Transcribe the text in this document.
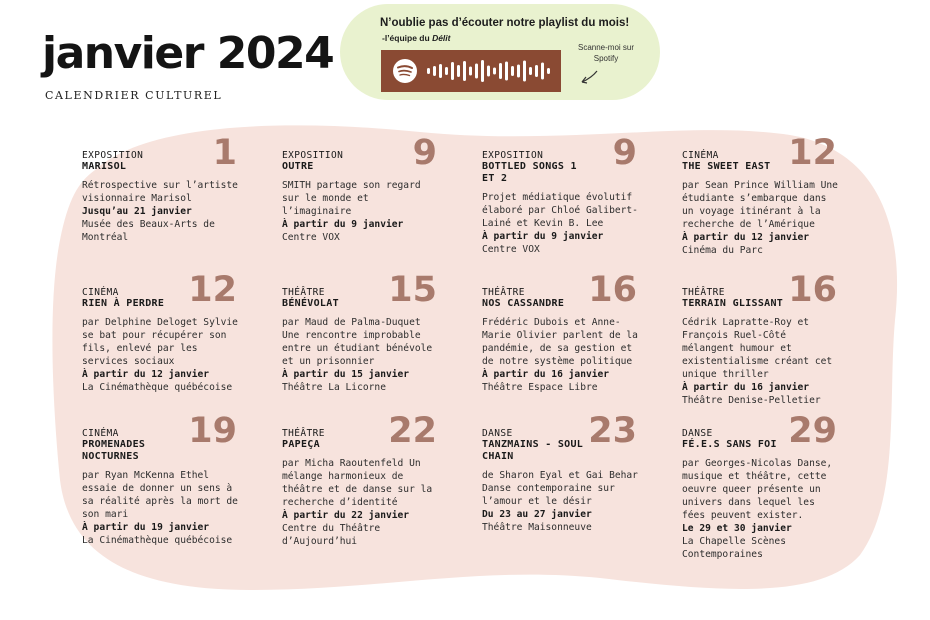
janvier 2024
CALENDRIER CULTUREL
N’oublie pas d’écouter notre playlist du mois!
-l’équipe du Délit
Scanne-moi sur Spotify
1
EXPOSITION
MARISOL
Rétrospective sur l’artiste visionnaire Marisol
Jusqu’au 21 janvier
Musée des Beaux-Arts de Montréal
9
EXPOSITION
OUTRE
SMITH partage son regard sur le monde et l’imaginaire
À partir du 9 janvier
Centre VOX
9
EXPOSITION
BOTTLED SONGS 1 ET 2
Projet médiatique évolutif élaboré par Chloé Galibert-Lainé et Kevin B. Lee
À partir du 9 janvier
Centre VOX
12
CINÉMA
THE SWEET EAST
par Sean Prince William Une étudiante s’embarque dans un voyage itinérant à la recherche de l’Amérique
À partir du 12 janvier
Cinéma du Parc
12
CINÉMA
RIEN À PERDRE
par Delphine Deloget Sylvie se bat pour récupérer son fils, enlevé par les services sociaux
À partir du 12 janvier
La Cinémathèque québécoise
15
THÉÂTRE
BÉNÉVOLAT
par Maud de Palma-Duquet Une rencontre improbable entre un étudiant bénévole et un prisonnier
À partir du 15 janvier
Théâtre La Licorne
16
THÉÂTRE
NOS CASSANDRE
Frédéric Dubois et Anne-Marie Olivier parlent de la pandémie, de sa gestion et de notre système politique
À partir du 16 janvier
Théâtre Espace Libre
16
THÉÂTRE
TERRAIN GLISSANT
Cédrik Lapratte-Roy et François Ruel-Côté mélangent humour et existentialisme créant cet unique thriller
À partir du 16 janvier
Théâtre Denise-Pelletier
19
CINÉMA
PROMENADES NOCTURNES
par Ryan McKenna Ethel essaie de donner un sens à sa réalité après la mort de son mari
À partir du 19 janvier
La Cinémathèque québécoise
22
THÉÂTRE
PAPEÇA
par Micha Raoutenfeld Un mélange harmonieux de théâtre et de danse sur la recherche d’identité
À partir du 22 janvier
Centre du Théâtre d’Aujourd’hui
23
DANSE
TANZMAINS - SOUL CHAIN
de Sharon Eyal et Gai Behar Danse contemporaine sur l’amour et le désir
Du 23 au 27 janvier
Théâtre Maisonneuve
29
DANSE
FÉ.E.S SANS FOI
par Georges-Nicolas Danse, musique et théâtre, cette oeuvre queer présente un univers dans lequel les fées peuvent exister.
Le 29 et 30 janvier
La Chapelle Scènes Contemporaines
